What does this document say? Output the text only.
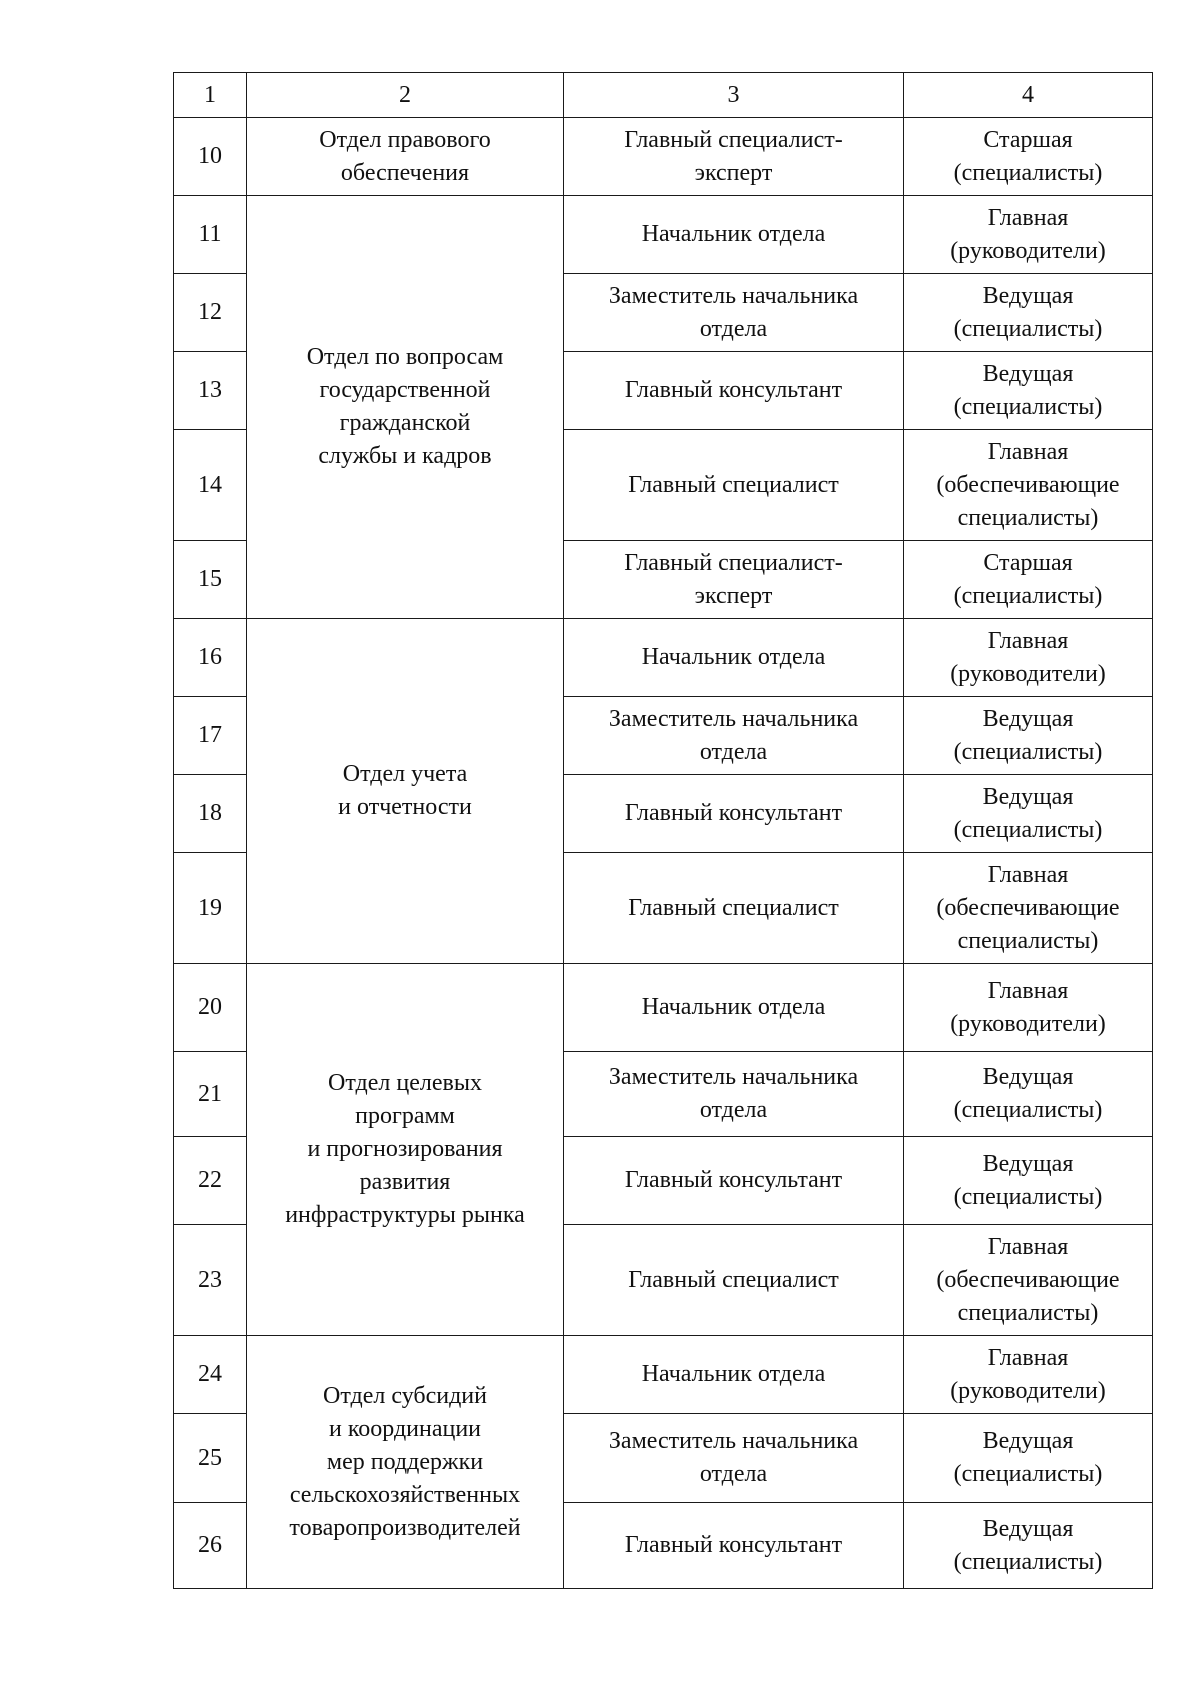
1	2	3	4
10	Отдел правового
обеспечения	Главный специалист-
эксперт	Старшая
(специалисты)
11	Отдел по вопросам
государственной
гражданской
службы и кадров	Начальник отдела	Главная
(руководители)
12		Заместитель начальника
отдела	Ведущая
(специалисты)
13		Главный консультант	Ведущая
(специалисты)
14		Главный специалист	Главная
(обеспечивающие
специалисты)
15		Главный специалист-
эксперт	Старшая
(специалисты)
16	Отдел учета
и отчетности	Начальник отдела	Главная
(руководители)
17		Заместитель начальника
отдела	Ведущая
(специалисты)
18		Главный консультант	Ведущая
(специалисты)
19		Главный специалист	Главная
(обеспечивающие
специалисты)
20	Отдел целевых
программ
и прогнозирования
развития
инфраструктуры рынка	Начальник отдела	Главная
(руководители)
21		Заместитель начальника
отдела	Ведущая
(специалисты)
22		Главный консультант	Ведущая
(специалисты)
23		Главный специалист	Главная
(обеспечивающие
специалисты)
24	Отдел субсидий
и координации
мер поддержки
сельскохозяйственных
товаропроизводителей	Начальник отдела	Главная
(руководители)
25		Заместитель начальника
отдела	Ведущая
(специалисты)
26		Главный консультант	Ведущая
(специалисты)
